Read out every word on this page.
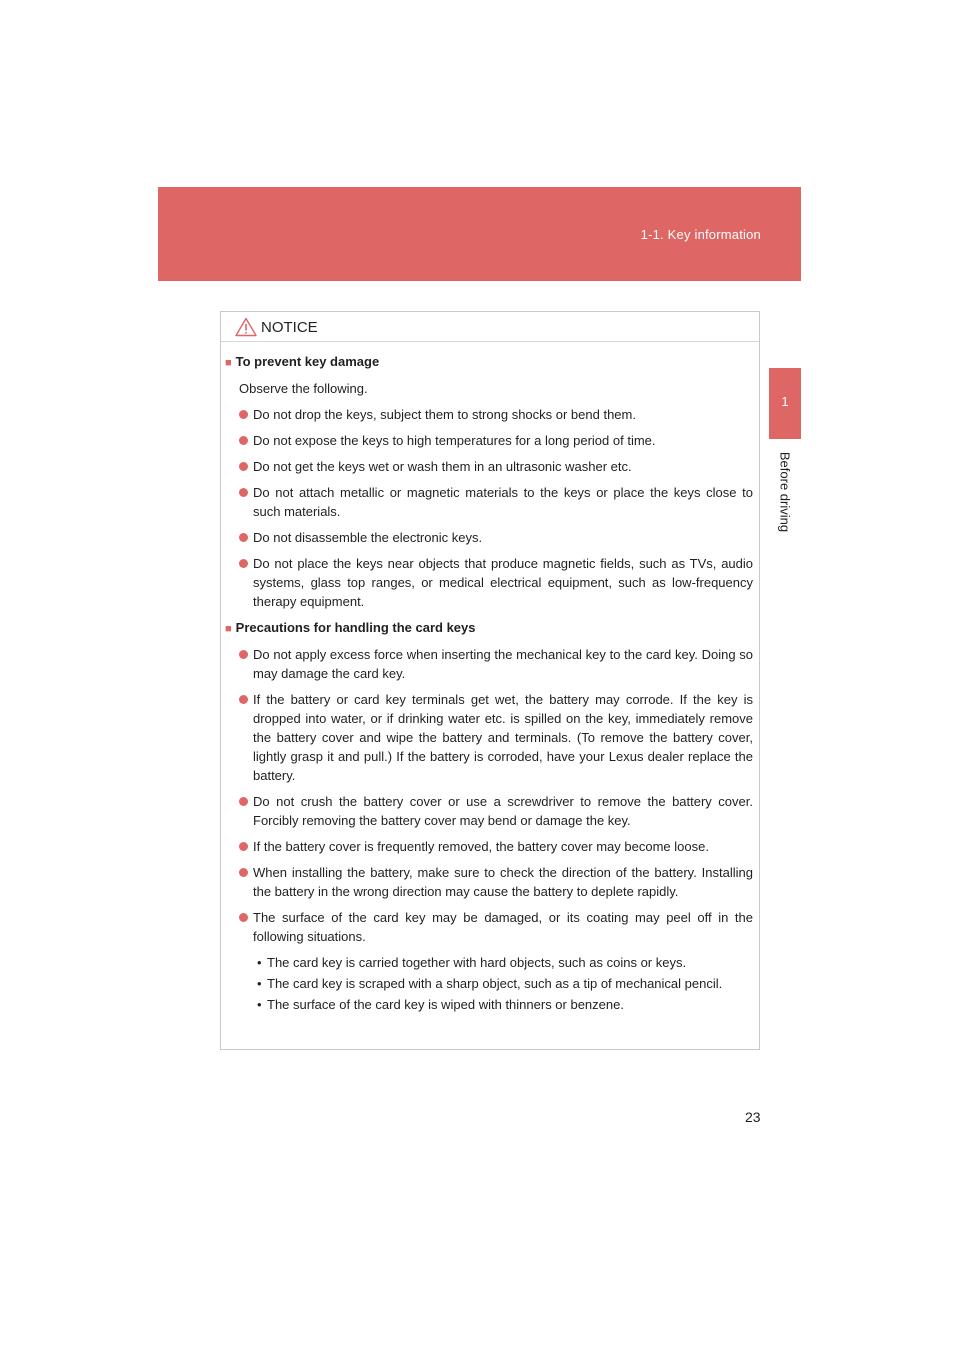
1-1. Key information
1
Before driving
NOTICE
■ To prevent key damage
Observe the following.
Do not drop the keys, subject them to strong shocks or bend them.
Do not expose the keys to high temperatures for a long period of time.
Do not get the keys wet or wash them in an ultrasonic washer etc.
Do not attach metallic or magnetic materials to the keys or place the keys close to such materials.
Do not disassemble the electronic keys.
Do not place the keys near objects that produce magnetic fields, such as TVs, audio systems, glass top ranges, or medical electrical equipment, such as low-frequency therapy equipment.
■ Precautions for handling the card keys
Do not apply excess force when inserting the mechanical key to the card key. Doing so may damage the card key.
If the battery or card key terminals get wet, the battery may corrode. If the key is dropped into water, or if drinking water etc. is spilled on the key, immediately remove the battery cover and wipe the battery and terminals. (To remove the battery cover, lightly grasp it and pull.) If the battery is corroded, have your Lexus dealer replace the battery.
Do not crush the battery cover or use a screwdriver to remove the battery cover. Forcibly removing the battery cover may bend or damage the key.
If the battery cover is frequently removed, the battery cover may become loose.
When installing the battery, make sure to check the direction of the battery. Installing the battery in the wrong direction may cause the battery to deplete rapidly.
The surface of the card key may be damaged, or its coating may peel off in the following situations.
• The card key is carried together with hard objects, such as coins or keys.
• The card key is scraped with a sharp object, such as a tip of mechanical pencil.
• The surface of the card key is wiped with thinners or benzene.
23
